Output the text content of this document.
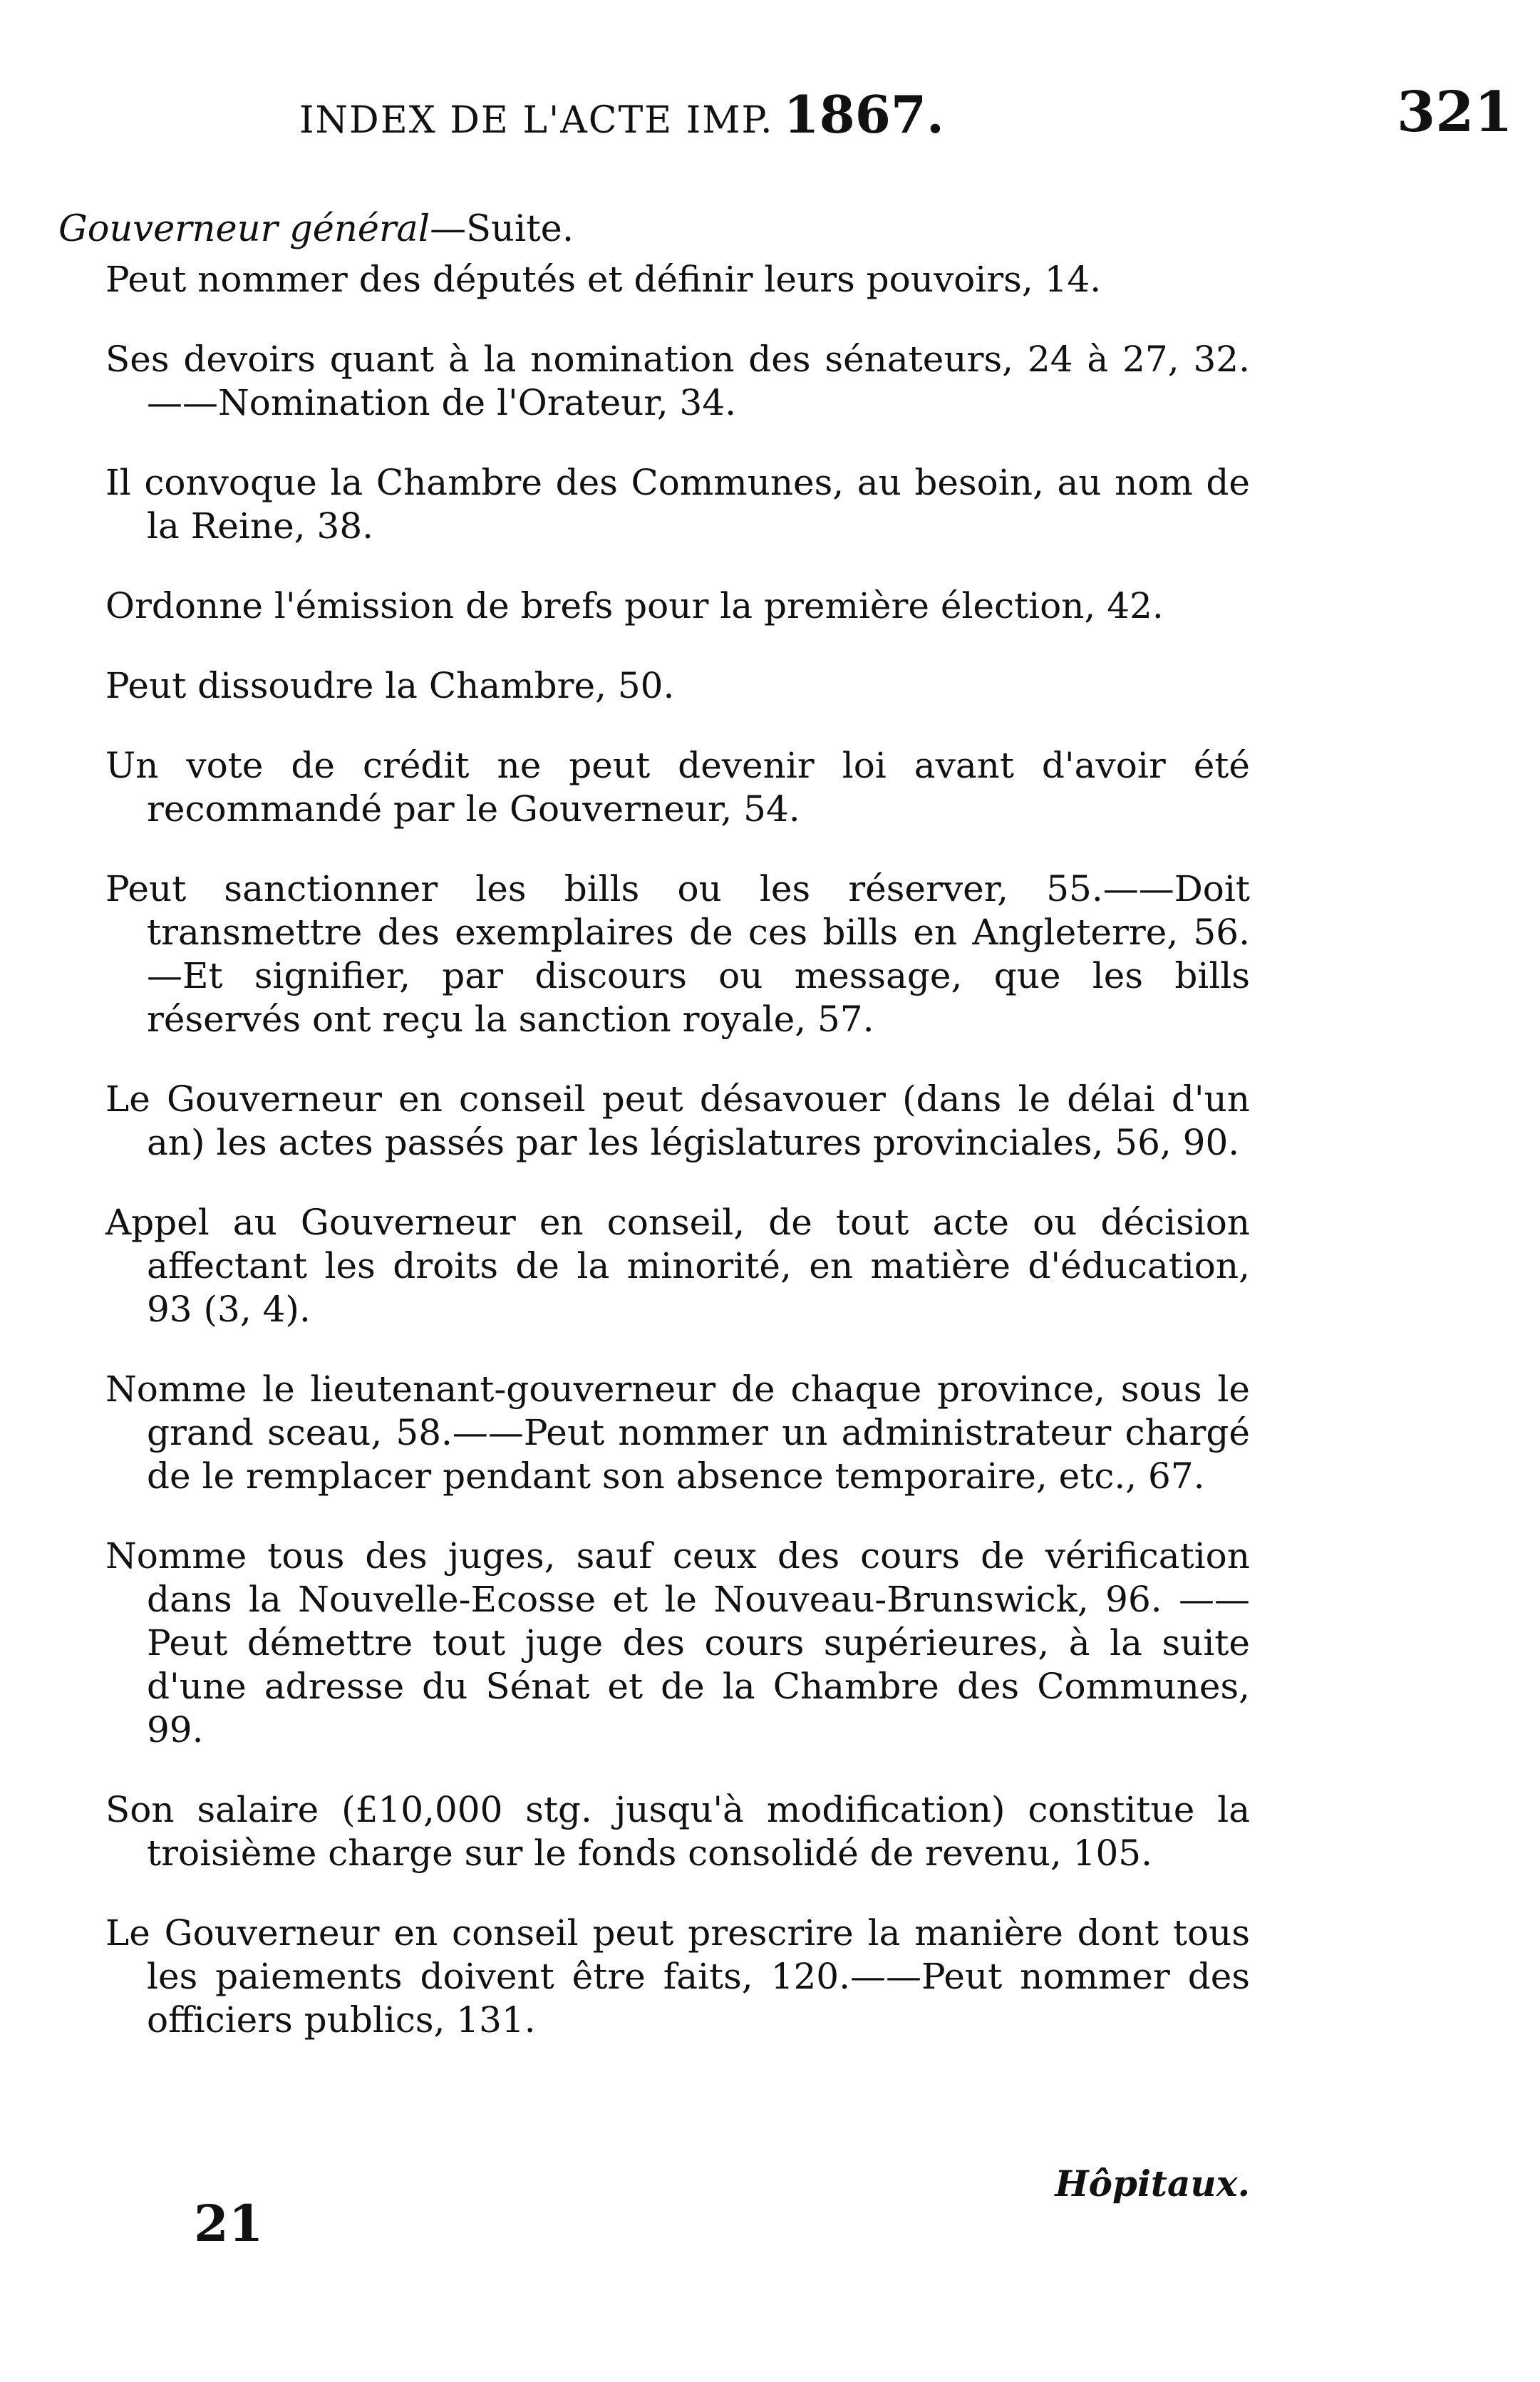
INDEX DE L'ACTE IMP. 1867.	321
Gouverneur général—Suite.

Peut nommer des députés et définir leurs pouvoirs, 14.

Ses devoirs quant à la nomination des sénateurs, 24 à 27, 32.——Nomination de l'Orateur, 34.

Il convoque la Chambre des Communes, au besoin, au nom de la Reine, 38.

Ordonne l'émission de brefs pour la première élection, 42.

Peut dissoudre la Chambre, 50.

Un vote de crédit ne peut devenir loi avant d'avoir été recommandé par le Gouverneur, 54.

Peut sanctionner les bills ou les réserver, 55.——Doit transmettre des exemplaires de ces bills en Angleterre, 56.—Et signifier, par discours ou message, que les bills réservés ont reçu la sanction royale, 57.

Le Gouverneur en conseil peut désavouer (dans le délai d'un an) les actes passés par les législatures provinciales, 56, 90.

Appel au Gouverneur en conseil, de tout acte ou décision affectant les droits de la minorité, en matière d'éducation, 93 (3, 4).

Nomme le lieutenant-gouverneur de chaque province, sous le grand sceau, 58.——Peut nommer un administrateur chargé de le remplacer pendant son absence temporaire, etc., 67.

Nomme tous des juges, sauf ceux des cours de vérification dans la Nouvelle-Ecosse et le Nouveau-Brunswick, 96. ——Peut démettre tout juge des cours supérieures, à la suite d'une adresse du Sénat et de la Chambre des Communes, 99.

Son salaire (£10,000 stg. jusqu'à modification) constitue la troisième charge sur le fonds consolidé de revenu, 105.

Le Gouverneur en conseil peut prescrire la manière dont tous les paiements doivent être faits, 120.——Peut nommer des officiers publics, 131.

Hôpitaux.
21
